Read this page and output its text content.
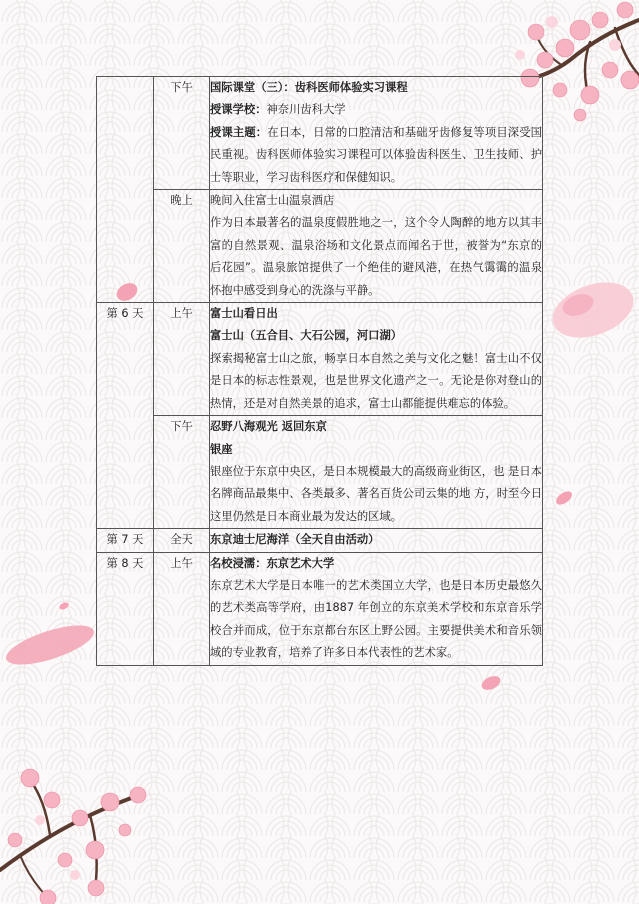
	下午	国际课堂（三）：齿科医师体验实习课程
授课学校：神奈川齿科大学
授课主题：在日本，日常的口腔清洁和基础牙齿修复等项目深受国民重视。齿科医师体验实习课程可以体验齿科医生、卫生技师、护士等职业，学习齿科医疗和保健知识。

	晚上	晚间入住富士山温泉酒店
作为日本最著名的温泉度假胜地之一，这个令人陶醉的地方以其丰富的自然景观、温泉浴场和文化景点而闻名于世，被誉为“东京的后花园”。温泉旅馆提供了一个绝佳的避风港，在热气霭霭的温泉怀抱中感受到身心的洗涤与平静。

第 6 天	上午	富士山看日出
富士山（五合目、大石公园，河口湖）
探索揭秘富士山之旅，畅享日本自然之美与文化之魅！富士山不仅是日本的标志性景观，也是世界文化遗产之一。无论是你对登山的热情，还是对自然美景的追求，富士山都能提供难忘的体验。

	下午	忍野八海观光 返回东京
银座
银座位于东京中央区，是日本规模最大的高级商业街区，也 是日本名牌商品最集中、各类最多、著名百货公司云集的地 方，时至今日这里仍然是日本商业最为发达的区域。

第 7 天	全天	东京迪士尼海洋（全天自由活动）

第 8 天	上午	名校浸濡：东京艺术大学
东京艺术大学是日本唯一的艺术类国立大学，也是日本历史最悠久的艺术类高等学府，由1887 年创立的东京美术学校和东京音乐学校合并而成，位于东京都台东区上野公园。主要提供美术和音乐领域的专业教育，培养了许多日本代表性的艺术家。
